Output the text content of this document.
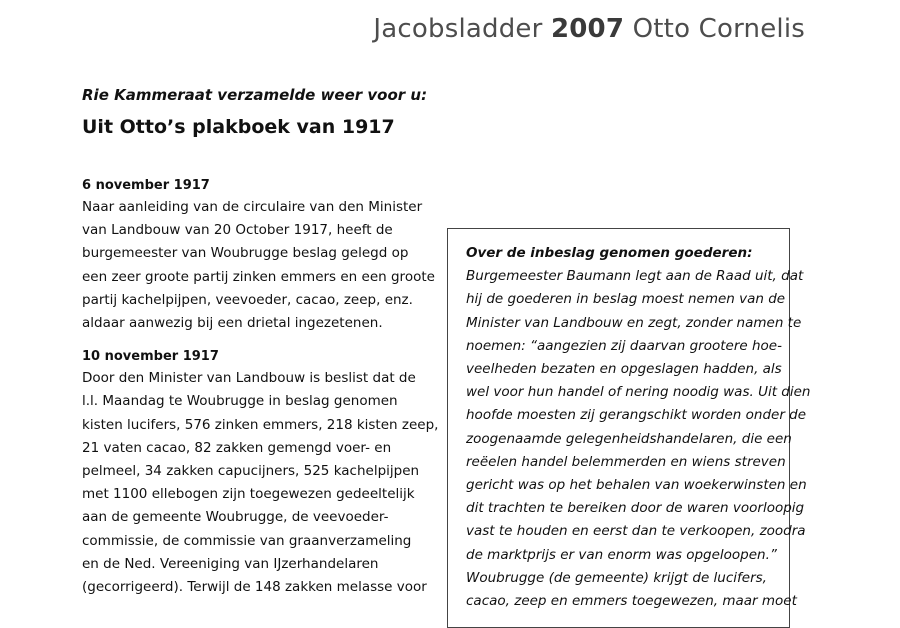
Jacobsladder 2007 Otto Cornelis
Rie Kammeraat verzamelde weer voor u:
Uit Otto’s plakboek van 1917

6 november 1917

Naar aanleiding van de circulaire van den Minister

van Landbouw van 20 October 1917, heeft de

burgemeester van Woubrugge beslag gelegd op

een zeer groote partij zinken emmers en een groote

partij kachelpijpen, veevoeder, cacao, zeep, enz.

aldaar aanwezig bij een drietal ingezetenen.

10 november 1917

Door den Minister van Landbouw is beslist dat de

l.l. Maandag te Woubrugge in beslag genomen

kisten lucifers, 576 zinken emmers, 218 kisten zeep,

21 vaten cacao, 82 zakken gemengd voer- en

pelmeel, 34 zakken capucijners, 525 kachelpijpen

met 1100 ellebogen zijn toegewezen gedeeltelijk

aan de gemeente Woubrugge, de veevoeder-

commissie, de commissie van graanverzameling

en de Ned. Vereeniging van IJzerhandelaren

(gecorrigeerd). Terwijl de 148 zakken melasse voor

Over de inbeslag genomen goederen:

Burgemeester Baumann legt aan de Raad uit, dat

hij de goederen in beslag moest nemen van de

Minister van Landbouw en zegt, zonder namen te

noemen: “aangezien zij daarvan grootere hoe-

veelheden bezaten en opgeslagen hadden, als

wel voor hun handel of nering noodig was. Uit dien

hoofde moesten zij gerangschikt worden onder de

zoogenaamde gelegenheidshandelaren, die een

reëelen handel belemmerden en wiens streven

gericht was op het behalen van woekerwinsten en

dit trachten te bereiken door de waren voorloopig

vast te houden en eerst dan te verkoopen, zoodra

de marktprijs er van enorm was opgeloopen.”

Woubrugge (de gemeente) krijgt de lucifers,

cacao, zeep en emmers toegewezen, maar moet
